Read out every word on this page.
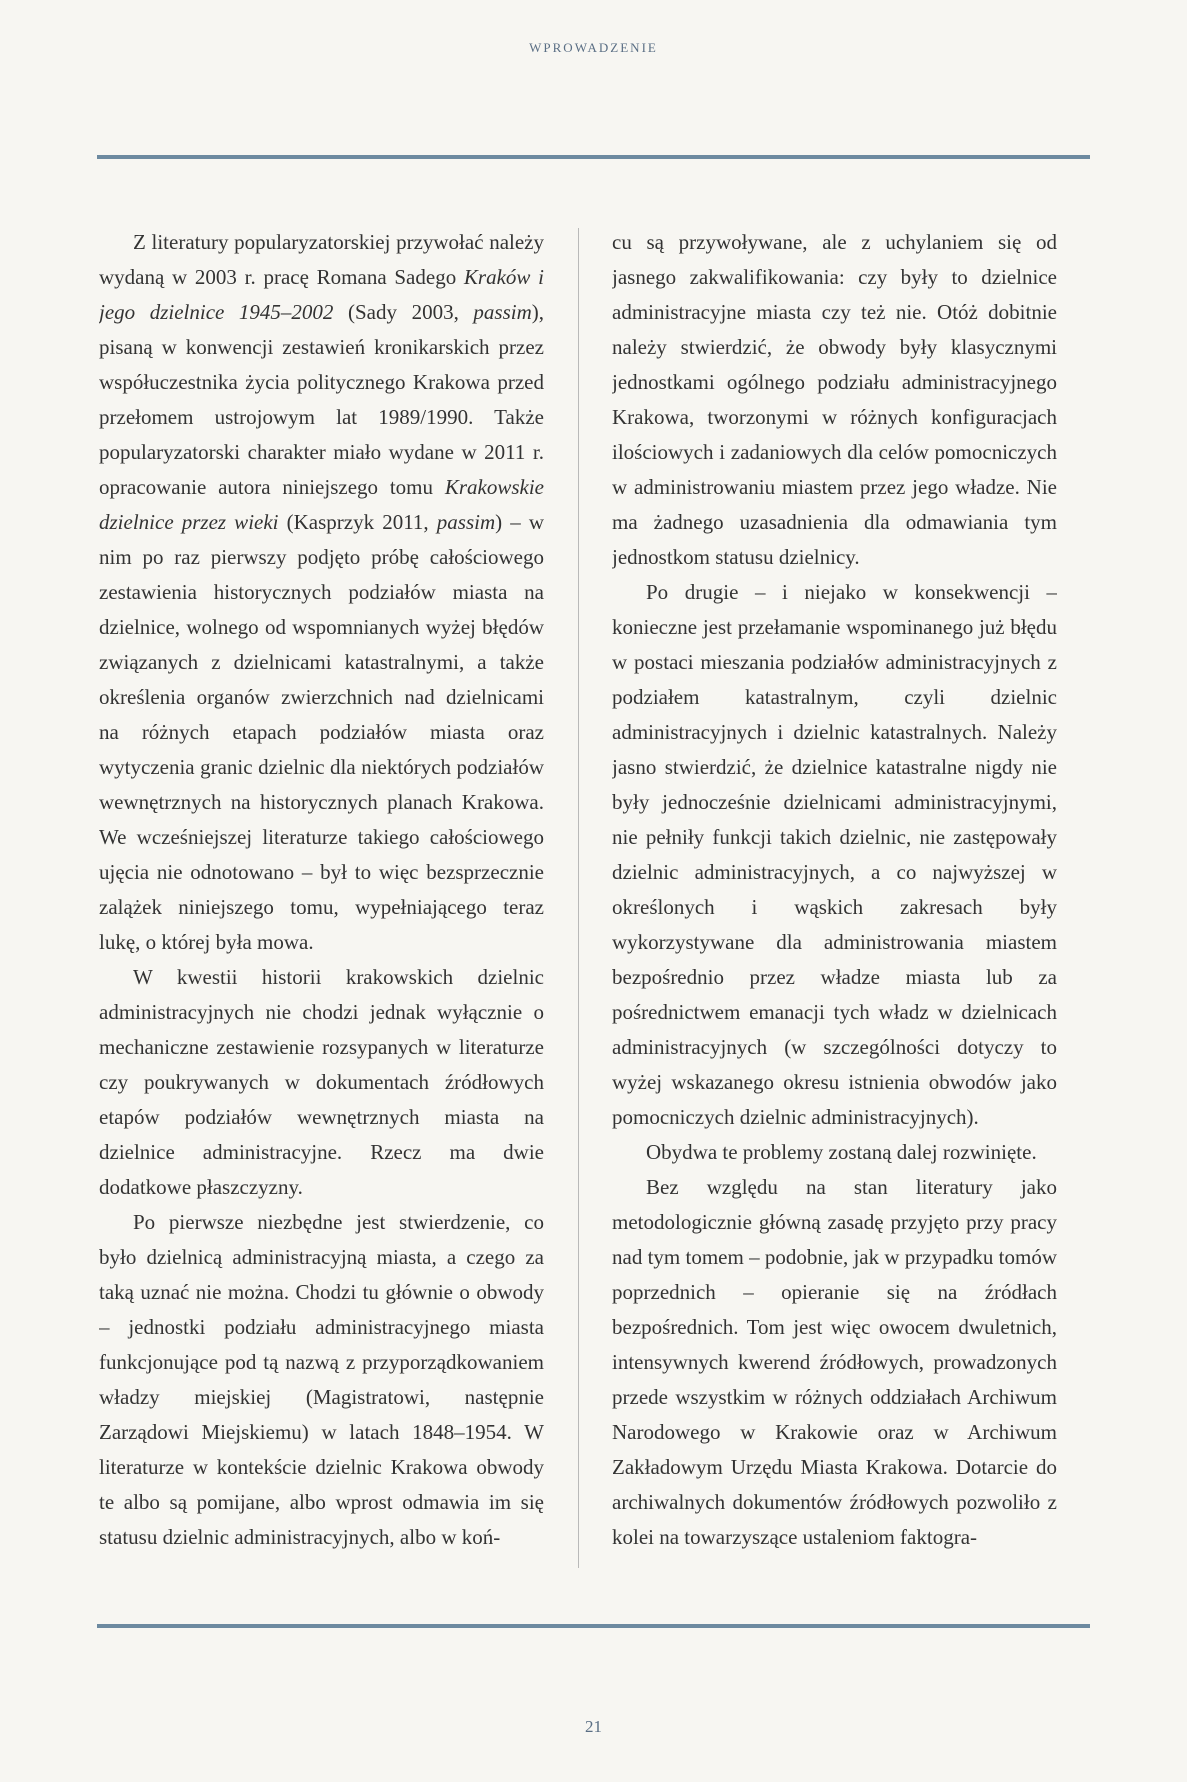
WPROWADZENIE

Z literatury popularyzatorskiej przywołać należy wydaną w 2003 r. pracę Romana Sadego Kraków i jego dzielnice 1945–2002 (Sady 2003, passim), pisaną w konwencji zestawień kronikarskich przez współuczestnika życia politycznego Krakowa przed przełomem ustrojowym lat 1989/1990. Także popularyzatorski charakter miało wydane w 2011 r. opracowanie autora niniejszego tomu Krakowskie dzielnice przez wieki (Kasprzyk 2011, passim) – w nim po raz pierwszy podjęto próbę całościowego zestawienia historycznych podziałów miasta na dzielnice, wolnego od wspomnianych wyżej błędów związanych z dzielnicami katastralnymi, a także określenia organów zwierzchnich nad dzielnicami na różnych etapach podziałów miasta oraz wytyczenia granic dzielnic dla niektórych podziałów wewnętrznych na historycznych planach Krakowa. We wcześniejszej literaturze takiego całościowego ujęcia nie odnotowano – był to więc bezsprzecznie zalążek niniejszego tomu, wypełniającego teraz lukę, o której była mowa.

W kwestii historii krakowskich dzielnic administracyjnych nie chodzi jednak wyłącznie o mechaniczne zestawienie rozsypanych w literaturze czy poukrywanych w dokumentach źródłowych etapów podziałów wewnętrznych miasta na dzielnice administracyjne. Rzecz ma dwie dodatkowe płaszczyzny.

Po pierwsze niezbędne jest stwierdzenie, co było dzielnicą administracyjną miasta, a czego za taką uznać nie można. Chodzi tu głównie o obwody – jednostki podziału administracyjnego miasta funkcjonujące pod tą nazwą z przyporządkowaniem władzy miejskiej (Magistratowi, następnie Zarządowi Miejskiemu) w latach 1848–1954. W literaturze w kontekście dzielnic Krakowa obwody te albo są pomijane, albo wprost odmawia im się statusu dzielnic administracyjnych, albo w koń-

cu są przywoływane, ale z uchylaniem się od jasnego zakwalifikowania: czy były to dzielnice administracyjne miasta czy też nie. Otóż dobitnie należy stwierdzić, że obwody były klasycznymi jednostkami ogólnego podziału administracyjnego Krakowa, tworzonymi w różnych konfiguracjach ilościowych i zadaniowych dla celów pomocniczych w administrowaniu miastem przez jego władze. Nie ma żadnego uzasadnienia dla odmawiania tym jednostkom statusu dzielnicy.

Po drugie – i niejako w konsekwencji – konieczne jest przełamanie wspominanego już błędu w postaci mieszania podziałów administracyjnych z podziałem katastralnym, czyli dzielnic administracyjnych i dzielnic katastralnych. Należy jasno stwierdzić, że dzielnice katastralne nigdy nie były jednocześnie dzielnicami administracyjnymi, nie pełniły funkcji takich dzielnic, nie zastępowały dzielnic administracyjnych, a co najwyższej w określonych i wąskich zakresach były wykorzystywane dla administrowania miastem bezpośrednio przez władze miasta lub za pośrednictwem emanacji tych władz w dzielnicach administracyjnych (w szczególności dotyczy to wyżej wskazanego okresu istnienia obwodów jako pomocniczych dzielnic administracyjnych).

Obydwa te problemy zostaną dalej rozwinięte.

Bez względu na stan literatury jako metodologicznie główną zasadę przyjęto przy pracy nad tym tomem – podobnie, jak w przypadku tomów poprzednich – opieranie się na źródłach bezpośrednich. Tom jest więc owocem dwuletnich, intensywnych kwerend źródłowych, prowadzonych przede wszystkim w różnych oddziałach Archiwum Narodowego w Krakowie oraz w Archiwum Zakładowym Urzędu Miasta Krakowa. Dotarcie do archiwalnych dokumentów źródłowych pozwoliło z kolei na towarzyszące ustaleniom faktogra-

21
